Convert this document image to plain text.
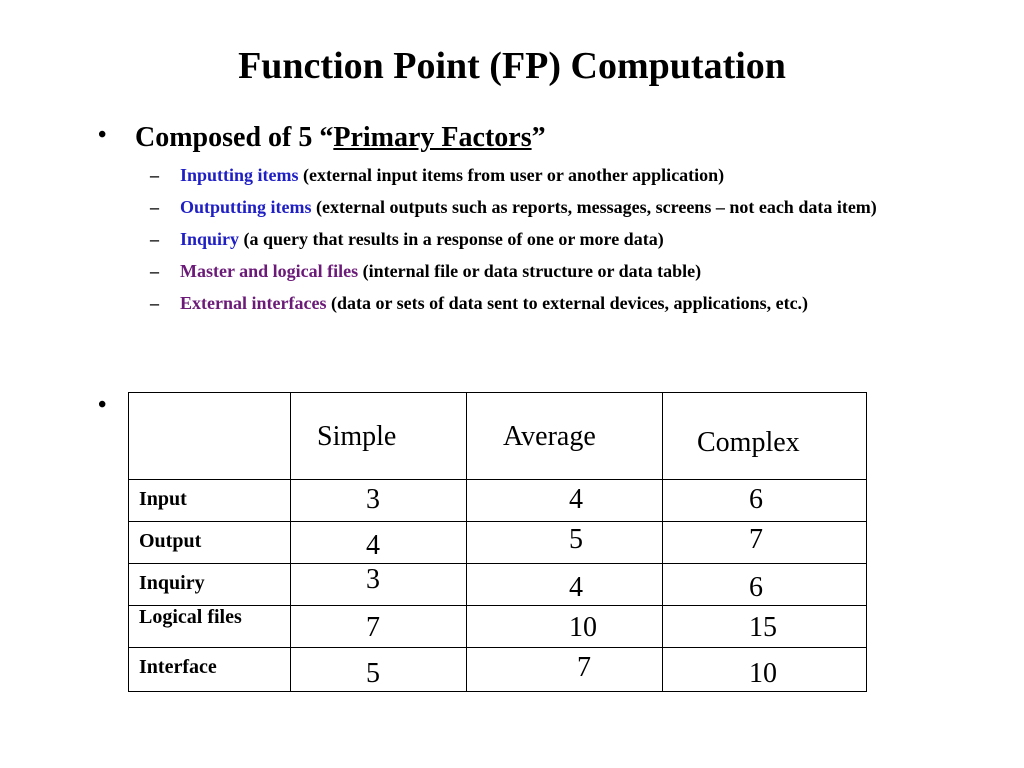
Function Point (FP) Computation
• Composed of 5 “Primary Factors”
– Inputting items (external input items from user or another application)
– Outputting items (external outputs such as reports, messages, screens – not each data item)
– Inquiry (a query that results in a response of one or more data)
– Master and logical files (internal file or data structure or data table)
– External interfaces (data or sets of data sent to external devices, applications, etc.)
•

	Simple	Average	Complex

Input	3	4	6

Output	4	5	7

Inquiry	3	4	6

Logical files	7	10	15

Interface	5	7	10
